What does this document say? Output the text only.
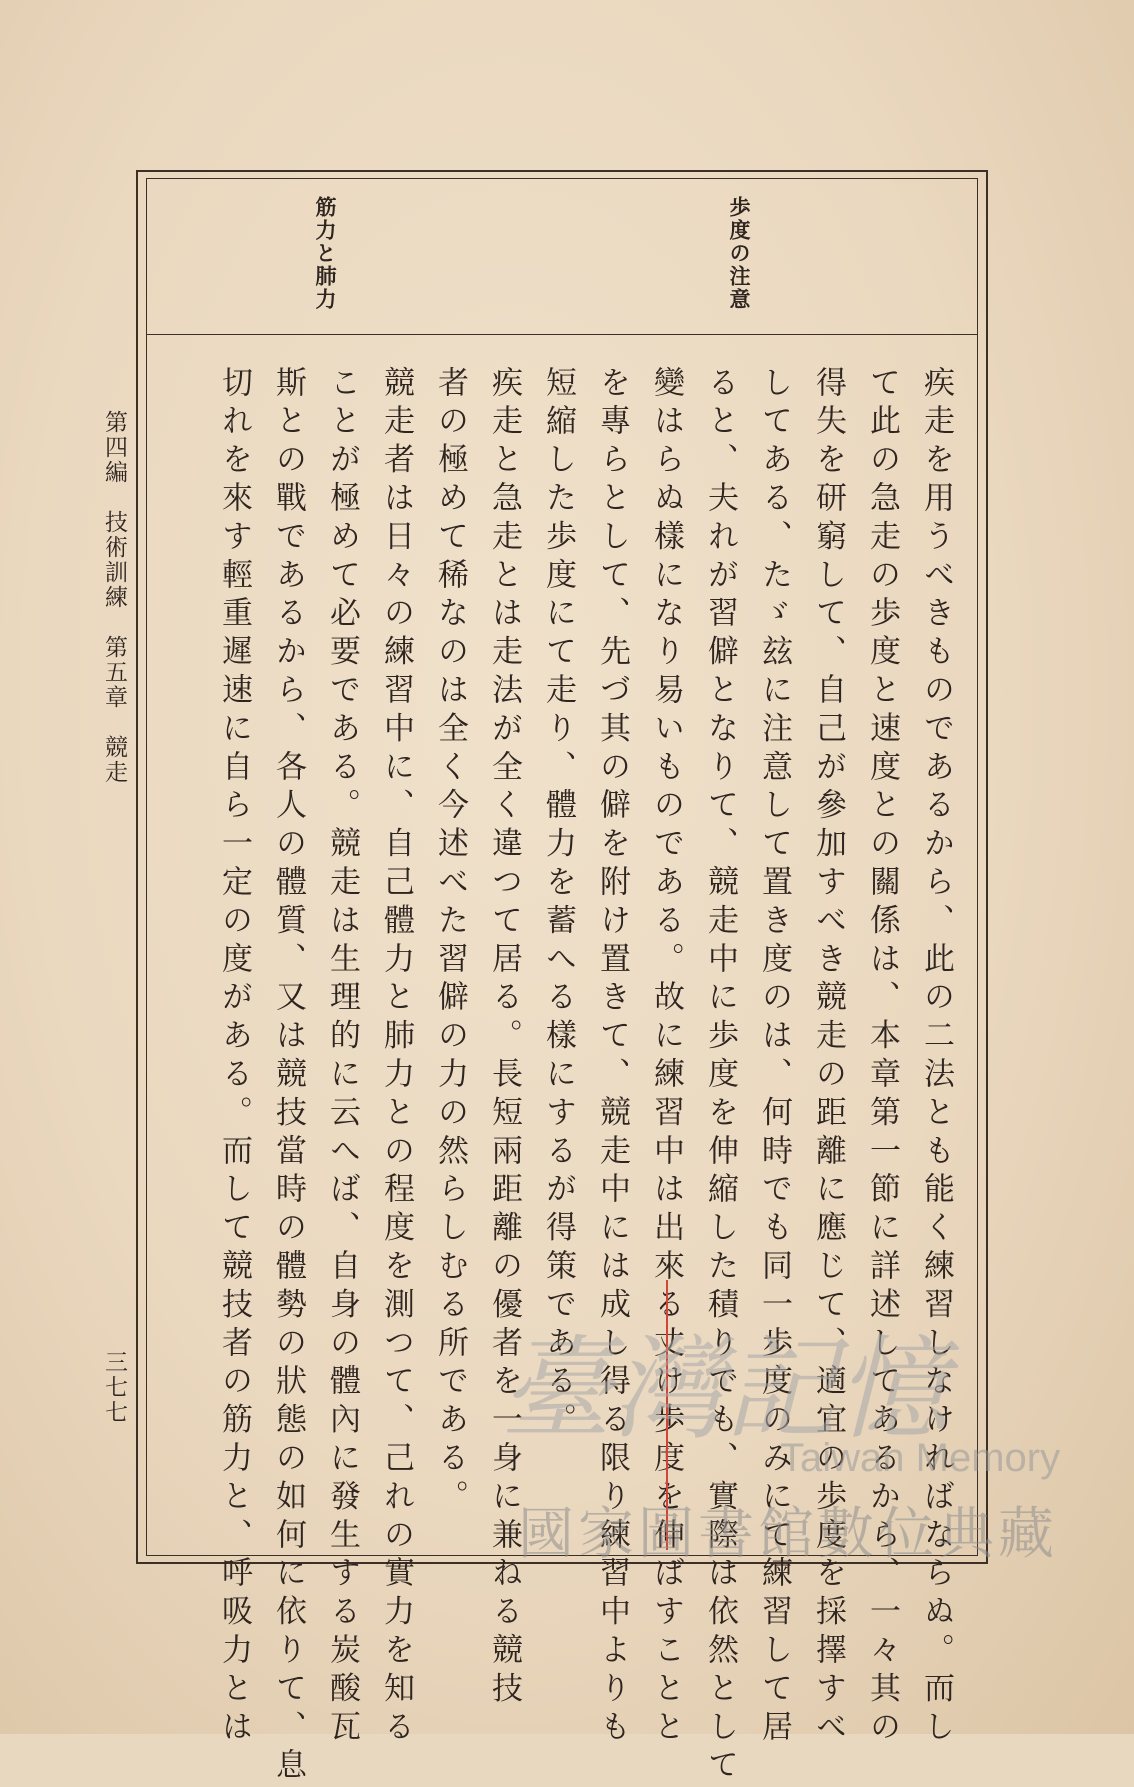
歩度の注意
筋力と肺力
疾走を用うべきものであるから、此の二法とも能く練習しなければならぬ。而し
て此の急走の歩度と速度との關係は、本章第一節に詳述してあるから、一々其の
得失を研窮して、自己が參加すべき競走の距離に應じて、適宜の歩度を採擇すべ
してある、たゞ玆に注意して置き度のは、何時でも同一歩度のみにて練習して居
ると、夫れが習僻となりて、競走中に歩度を伸縮した積りでも、實際は依然として
變はらぬ樣になり易いものである。故に練習中は出來る丈け歩度を伸ばすことと
を專らとして、先づ其の僻を附け置きて、競走中には成し得る限り練習中よりも
短縮した歩度にて走り、體力を蓄へる樣にするが得策である。
疾走と急走とは走法が全く違つて居る。長短兩距離の優者を一身に兼ねる競技
者の極めて稀なのは全く今述べた習僻の力の然らしむる所である。
競走者は日々の練習中に、自己體力と肺力との程度を測つて、己れの實力を知る
ことが極めて必要である。競走は生理的に云へば、自身の體內に發生する炭酸瓦
斯との戰であるから、各人の體質、又は競技當時の體勢の狀態の如何に依りて、息
切れを來す輕重遲速に自ら一定の度がある。而して競技者の筋力と、呼吸力とは
第四編　技術訓練　第五章　競走
三七七	臺灣記憶
Taiwan Memory
國家圖書館數位典藏
